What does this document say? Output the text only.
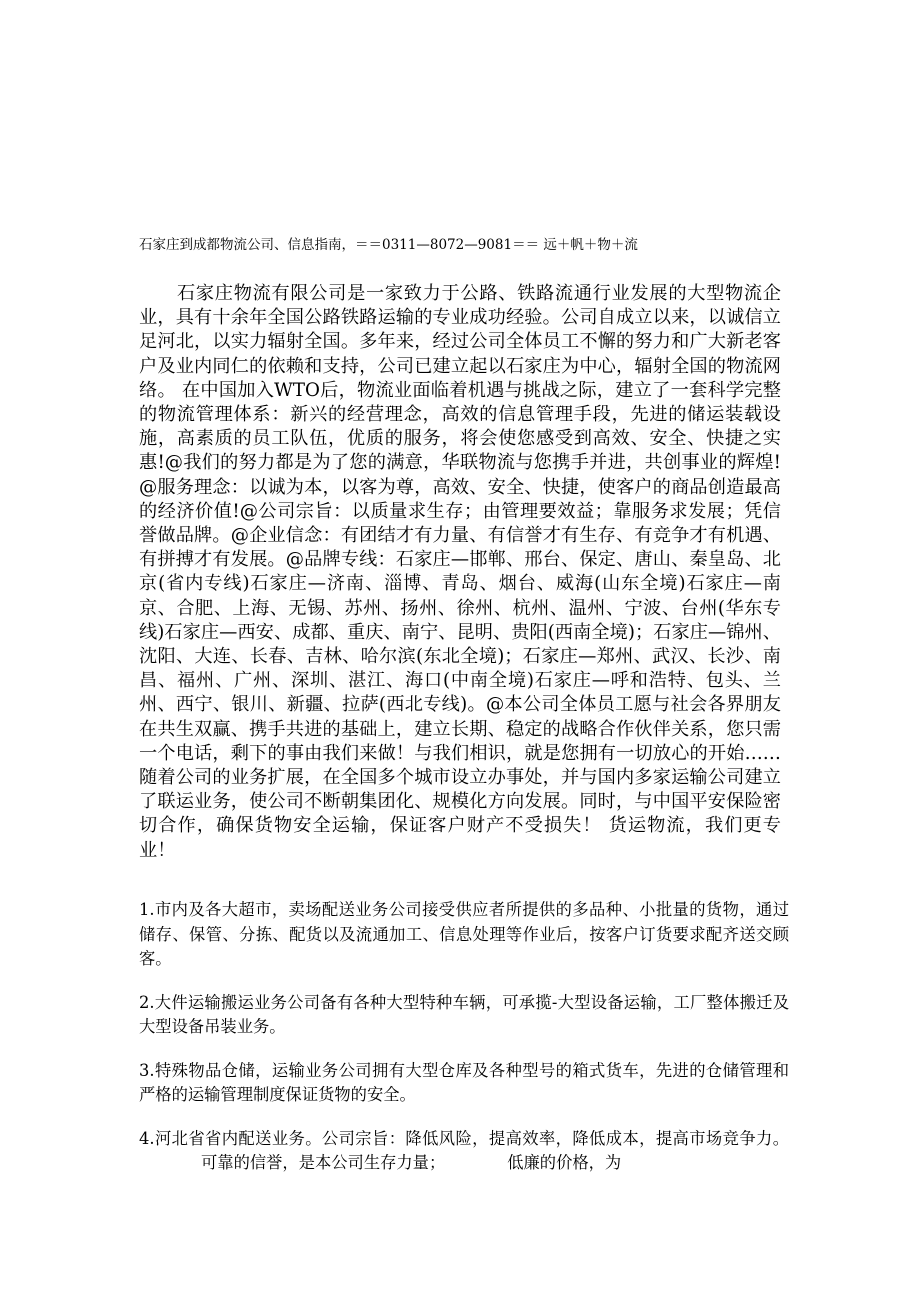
石家庄到成都物流公司、信息指南，＝＝0311—8072—9081＝＝ 远＋帆＋物＋流

石家庄物流有限公司是一家致力于公路、铁路流通行业发展的大型物流企业，具有十余年全国公路铁路运输的专业成功经验。公司自成立以来，以诚信立足河北，以实力辐射全国。多年来，经过公司全体员工不懈的努力和广大新老客户及业内同仁的依赖和支持，公司已建立起以石家庄为中心，辐射全国的物流网络。 在中国加入WTO后，物流业面临着机遇与挑战之际，建立了一套科学完整的物流管理体系：新兴的经营理念，高效的信息管理手段，先进的储运装载设施，高素质的员工队伍，优质的服务，将会使您感受到高效、安全、快捷之实惠!@我们的努力都是为了您的满意，华联物流与您携手并进，共创事业的辉煌!@服务理念：以诚为本，以客为尊，高效、安全、快捷，使客户的商品创造最高的经济价值!@公司宗旨：以质量求生存；由管理要效益；靠服务求发展；凭信誉做品牌。@企业信念：有团结才有力量、有信誉才有生存、有竞争才有机遇、有拼搏才有发展。@品牌专线：石家庄—邯郸、邢台、保定、唐山、秦皇岛、北京(省内专线)石家庄—济南、淄博、青岛、烟台、威海(山东全境)石家庄—南京、合肥、上海、无锡、苏州、扬州、徐州、杭州、温州、宁波、台州(华东专线)石家庄—西安、成都、重庆、南宁、昆明、贵阳(西南全境)；石家庄—锦州、沈阳、大连、长春、吉林、哈尔滨(东北全境)；石家庄—郑州、武汉、长沙、南昌、福州、广州、深圳、湛江、海口(中南全境)石家庄—呼和浩特、包头、兰州、西宁、银川、新疆、拉萨(西北专线)。@本公司全体员工愿与社会各界朋友在共生双赢、携手共进的基础上，建立长期、稳定的战略合作伙伴关系，您只需一个电话，剩下的事由我们来做！与我们相识，就是您拥有一切放心的开始…… 随着公司的业务扩展，在全国多个城市设立办事处，并与国内多家运输公司建立了联运业务，使公司不断朝集团化、规模化方向发展。同时，与中国平安保险密切合作，确保货物安全运输，保证客户财产不受损失！ 货运物流，我们更专业！

1.市内及各大超市，卖场配送业务公司接受供应者所提供的多品种、小批量的货物，通过储存、保管、分拣、配货以及流通加工、信息处理等作业后，按客户订货要求配齐送交顾客。
2.大件运输搬运业务公司备有各种大型特种车辆，可承揽-大型设备运输，工厂整体搬迁及大型设备吊装业务。
3.特殊物品仓储，运输业务公司拥有大型仓库及各种型号的箱式货车，先进的仓储管理和严格的运输管理制度保证货物的安全。
4.河北省省内配送业务。公司宗旨：降低风险，提高效率，降低成本，提高市场竞争力。可靠的信誉，是本公司生存力量；	低廉的价格，为
